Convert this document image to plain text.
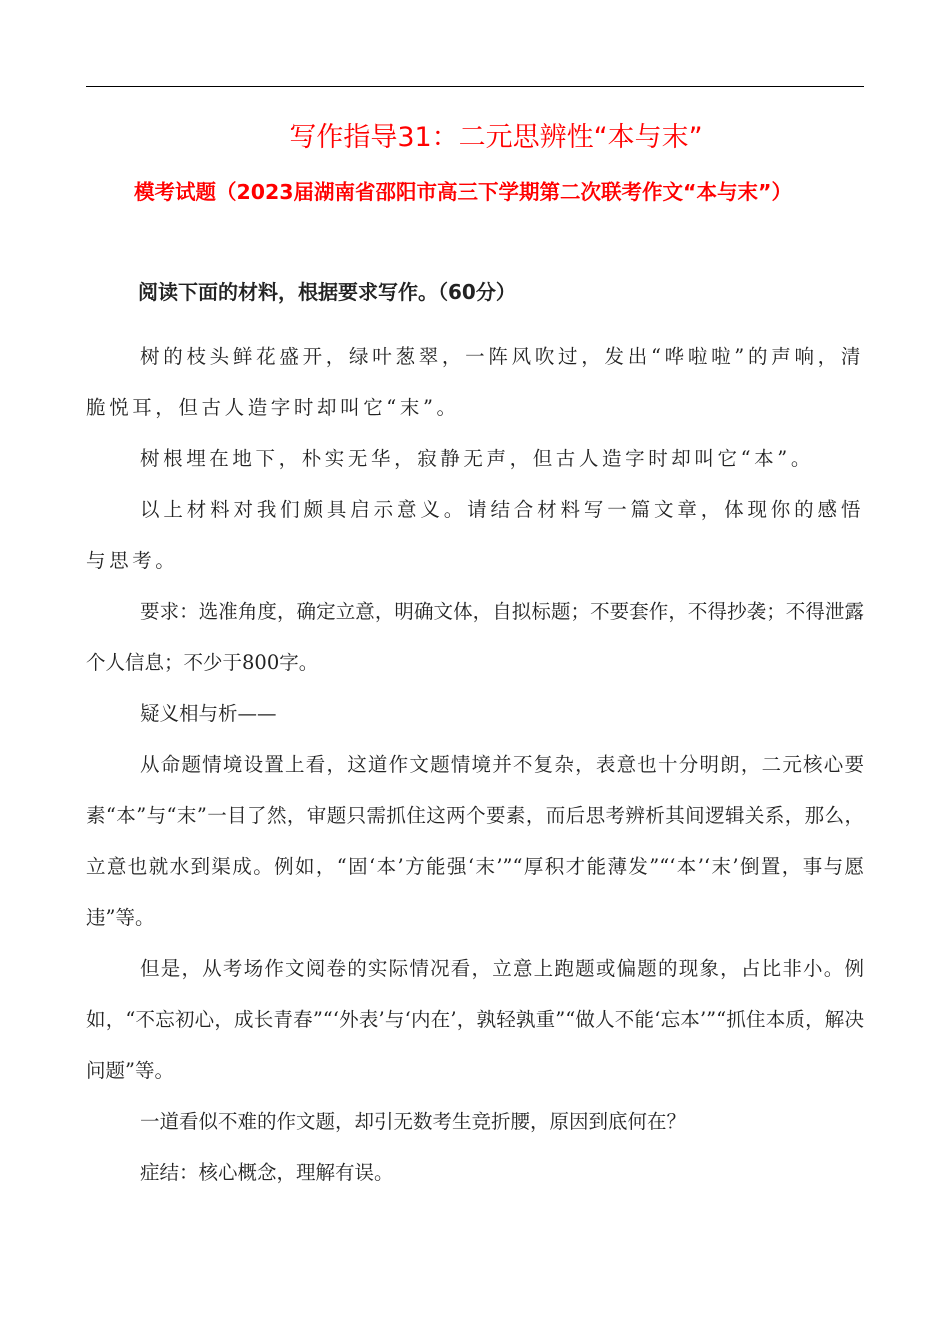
写作指导31：二元思辨性“本与末”
模考试题（2023届湖南省邵阳市高三下学期第二次联考作文“本与末”）
阅读下面的材料，根据要求写作。（60分）

树的枝头鲜花盛开，绿叶葱翠，一阵风吹过，发出“哗啦啦”的声响，清脆悦耳，但古人造字时却叫它“末”。

树根埋在地下，朴实无华，寂静无声，但古人造字时却叫它“本”。

以上材料对我们颇具启示意义。请结合材料写一篇文章，体现你的感悟与思考。

要求：选准角度，确定立意，明确文体，自拟标题；不要套作，不得抄袭；不得泄露个人信息；不少于800字。

疑义相与析——

从命题情境设置上看，这道作文题情境并不复杂，表意也十分明朗，二元核心要素“本”与“末”一目了然，审题只需抓住这两个要素，而后思考辨析其间逻辑关系，那么，立意也就水到渠成。例如，“固‘本’方能强‘末’”“厚积才能薄发”“‘本’‘末’倒置，事与愿违”等。

但是，从考场作文阅卷的实际情况看，立意上跑题或偏题的现象，占比非小。例如，“不忘初心，成长青春”“‘外表’与‘内在’，孰轻孰重”“做人不能‘忘本’”“抓住本质，解决问题”等。

一道看似不难的作文题，却引无数考生竞折腰，原因到底何在？

症结：核心概念，理解有误。
